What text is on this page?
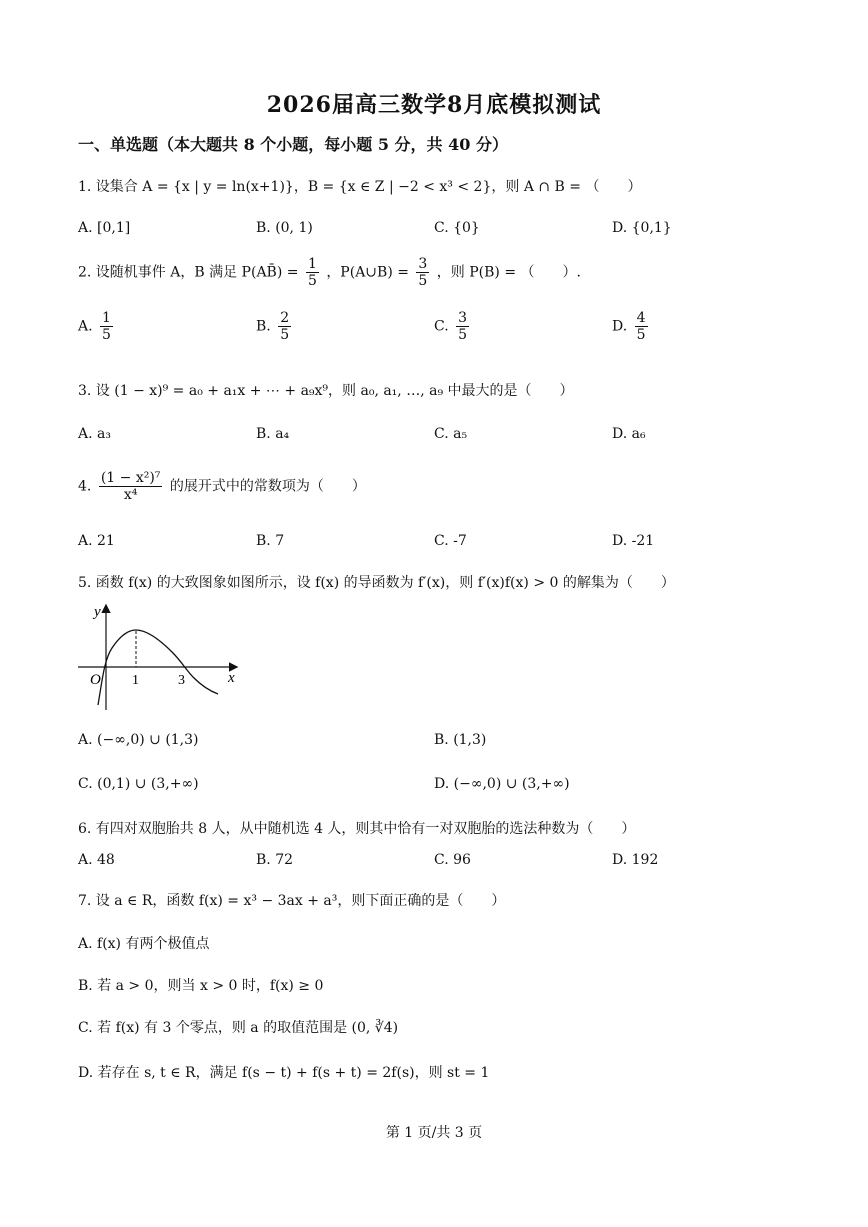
2026届高三数学8月底模拟测试
一、单选题（本大题共 8 个小题，每小题 5 分，共 40 分）
1. 设集合 A = {x | y = ln(x+1)}，B = {x ∈ Z | −2 < x³ < 2}，则 A ∩ B = （　　）
A. [0,1]	B. (0, 1)	C. {0}	D. {0,1}
2. 设随机事件 A，B 满足 P(AB̄) = $\frac{1}{5}$ ，P(A∪B) = $\frac{3}{5}$ ，则 P(B) = （　　）.
A. $\frac{1}{5}$	B. $\frac{2}{5}$	C. $\frac{3}{5}$	D. $\frac{4}{5}$
3. 设 (1 − x)⁹ = a₀ + a₁x + ⋯ + a₉x⁹，则 a₀, a₁, …, a₉ 中最大的是（　　）
A. a₃	B. a₄	C. a₅	D. a₆
4. $\frac{\text{(1 − x²)⁷}}{\text{x⁴}}$ 的展开式中的常数项为（　　）
A. 21	B. 7	C. -7	D. -21
5. 函数 f(x) 的大致图象如图所示，设 f(x) 的导函数为 f′(x)，则 f′(x)f(x) > 0 的解集为（　　）
y
x
O 1	3
A. (−∞,0) ∪ (1,3)	B. (1,3)
C. (0,1) ∪ (3,+∞)	D. (−∞,0) ∪ (3,+∞)
6. 有四对双胞胎共 8 人，从中随机选 4 人，则其中恰有一对双胞胎的选法种数为（　　）
A. 48	B. 72	C. 96	D. 192
7. 设 a ∈ R，函数 f(x) = x³ − 3ax + a³，则下面正确的是（　　）
A. f(x) 有两个极值点
B. 若 a > 0，则当 x > 0 时，f(x) ≥ 0
C. 若 f(x) 有 3 个零点，则 a 的取值范围是 (0, ∛4)
D. 若存在 s, t ∈ R，满足 f(s − t) + f(s + t) = 2f(s)，则 st = 1
第 1 页/共 3 页
